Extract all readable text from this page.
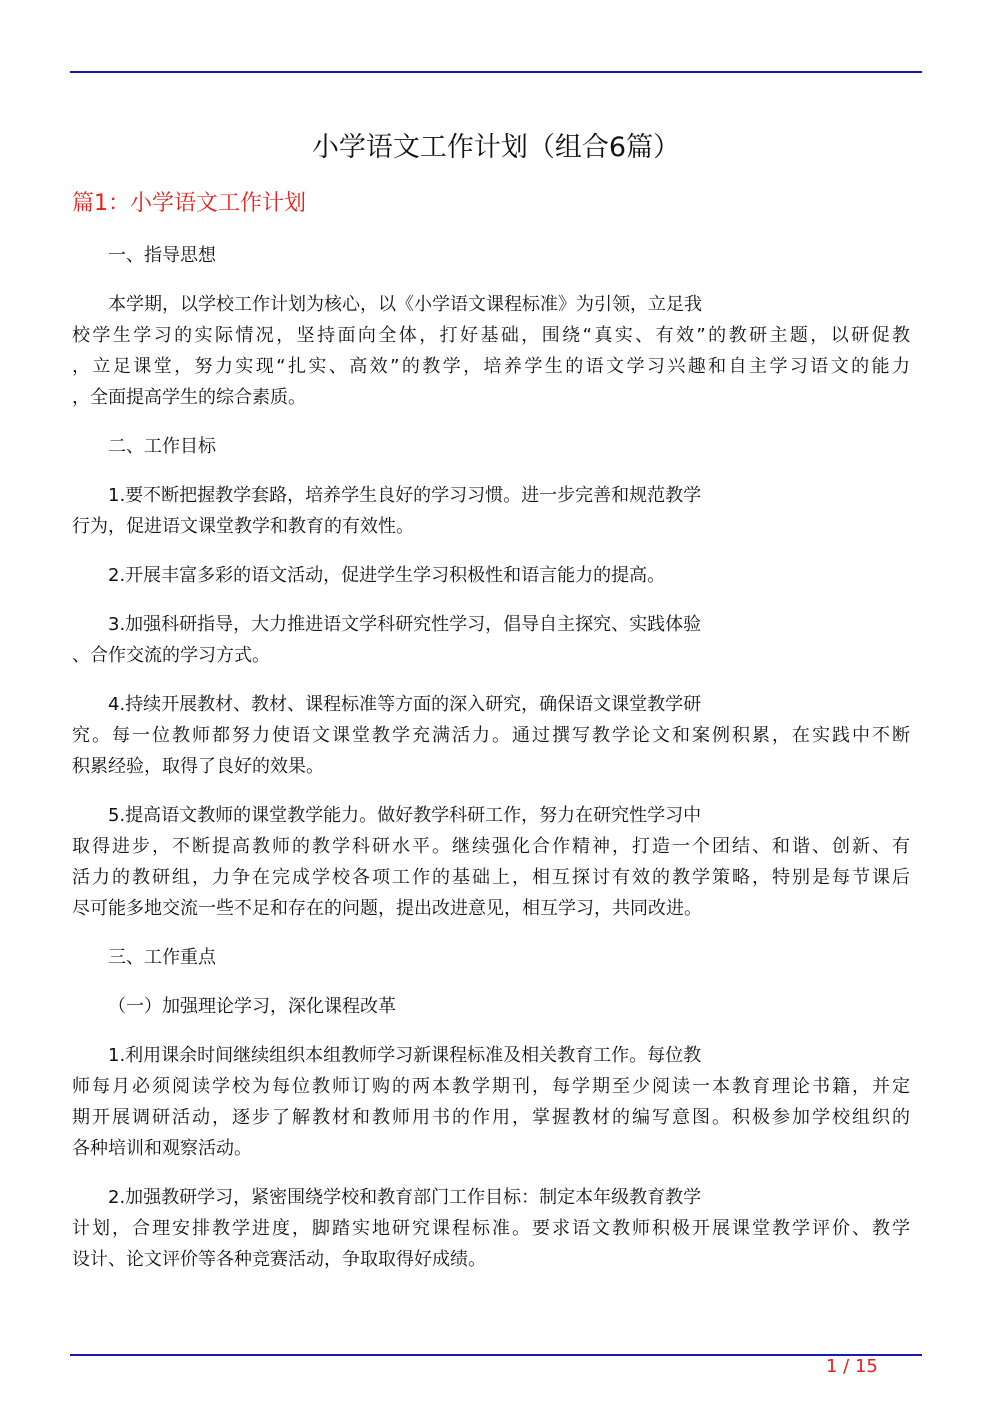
小学语文工作计划（组合6篇）
篇1：小学语文工作计划
一、指导思想
本学期，以学校工作计划为核心，以《小学语文课程标准》为引领，立足我
校学生学习的实际情况，坚持面向全体，打好基础，围绕“真实、有效”的教研主题，以研促教
，立足课堂，努力实现“扎实、高效”的教学，培养学生的语文学习兴趣和自主学习语文的能力
，全面提高学生的综合素质。
二、工作目标
1.要不断把握教学套路，培养学生良好的学习习惯。进一步完善和规范教学
行为，促进语文课堂教学和教育的有效性。
2.开展丰富多彩的语文活动，促进学生学习积极性和语言能力的提高。
3.加强科研指导，大力推进语文学科研究性学习，倡导自主探究、实践体验
、合作交流的学习方式。
4.持续开展教材、教材、课程标准等方面的深入研究，确保语文课堂教学研
究。每一位教师都努力使语文课堂教学充满活力。通过撰写教学论文和案例积累，在实践中不断
积累经验，取得了良好的效果。
5.提高语文教师的课堂教学能力。做好教学科研工作，努力在研究性学习中
取得进步，不断提高教师的教学科研水平。继续强化合作精神，打造一个团结、和谐、创新、有
活力的教研组，力争在完成学校各项工作的基础上，相互探讨有效的教学策略，特别是每节课后
尽可能多地交流一些不足和存在的问题，提出改进意见，相互学习，共同改进。
三、工作重点
（一）加强理论学习，深化课程改革
1.利用课余时间继续组织本组教师学习新课程标准及相关教育工作。每位教
师每月必须阅读学校为每位教师订购的两本教学期刊，每学期至少阅读一本教育理论书籍，并定
期开展调研活动，逐步了解教材和教师用书的作用，掌握教材的编写意图。积极参加学校组织的
各种培训和观察活动。
2.加强教研学习，紧密围绕学校和教育部门工作目标：制定本年级教育教学
计划，合理安排教学进度，脚踏实地研究课程标准。要求语文教师积极开展课堂教学评价、教学
设计、论文评价等各种竞赛活动，争取取得好成绩。
1 / 15
